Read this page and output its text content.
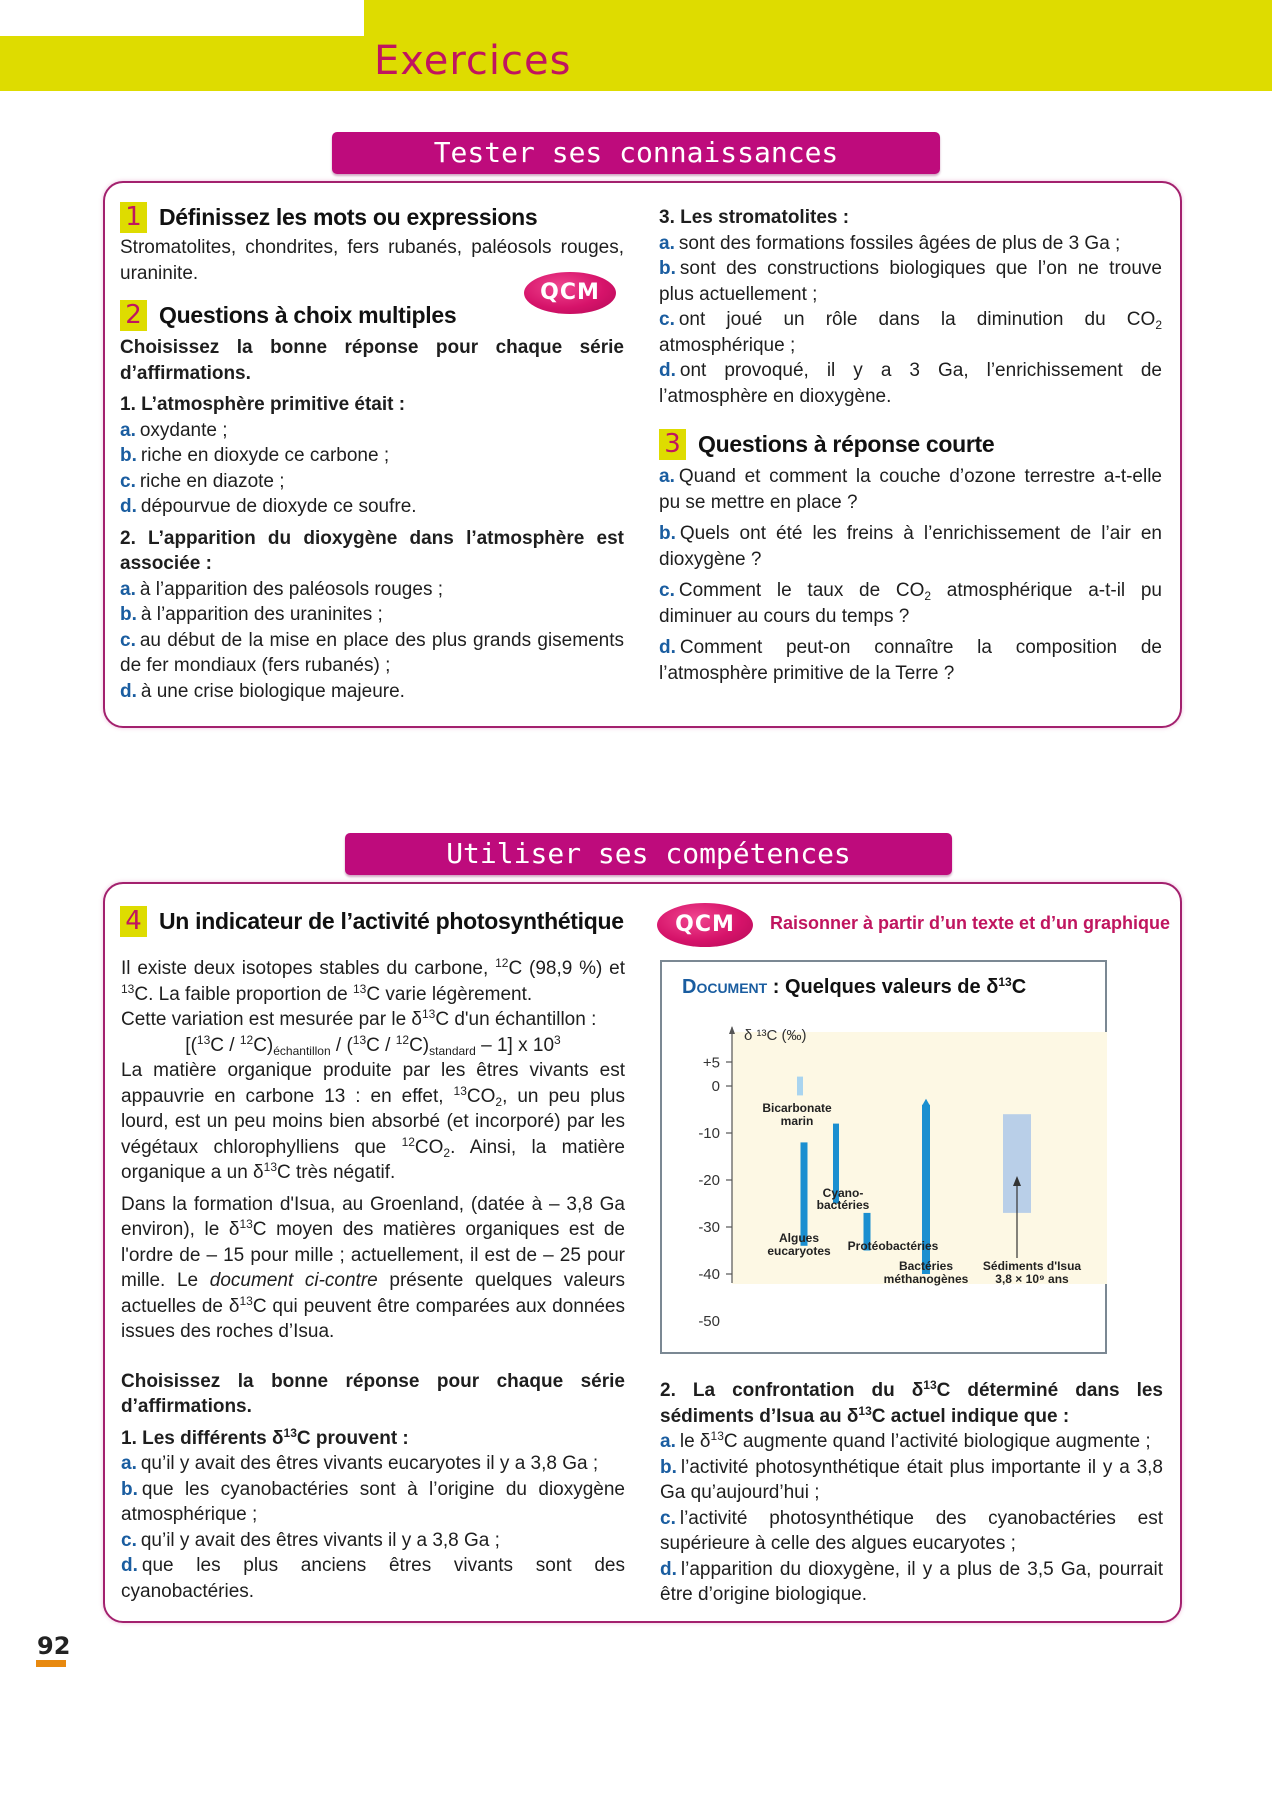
Exercices
Tester ses connaissances
1 Définissez les mots ou expressions

Stromatolites, chondrites, fers rubanés, paléosols rouges, uraninite.

2 Questions à choix multiples

Choisissez la bonne réponse pour chaque série d’affirmations.

1. L’atmosphère primitive était :

a. oxydante ;
b. riche en dioxyde ce carbone ;
c. riche en diazote ;
d. dépourvue de dioxyde ce soufre.

2. L’apparition du dioxygène dans l’atmosphère est associée :

a. à l’apparition des paléosols rouges ;

b. à l’apparition des uraninites ;

c. au début de la mise en place des plus grands gisements de fer mondiaux (fers rubanés) ;

d. à une crise biologique majeure.

QCM

3. Les stromatolites :

a. sont des formations fossiles âgées de plus de 3 Ga ;

b. sont des constructions biologiques que l’on ne trouve plus actuellement ;

c. ont joué un rôle dans la diminution du $CO_2$ atmosphérique ;

d. ont provoqué, il y a 3 Ga, l’enrichissement de l’atmosphère en dioxygène.

3 Questions à réponse courte

a. Quand et comment la couche d’ozone terrestre a-t-elle pu se mettre en place ?

b. Quels ont été les freins à l’enrichissement de l’air en dioxygène ?

c. Comment le taux de $CO_2$ atmosphérique a-t-il pu diminuer au cours du temps ?

d. Comment peut-on connaître la composition de l’atmosphère primitive de la Terre ?

Utiliser ses compétences
4 Un indicateur de l’activité photosynthétique	QCM	Raisonner à partir d’un texte et d’un graphique

Il existe deux isotopes stables du carbone, $^{12}$C (98,9 %) et $^{13}$C. La faible proportion de $^{13}$C varie légèrement.

Cette variation est mesurée par le $\delta^{13}C$ d'un échantillon :

$[(^{13}C / ^{12}C)_{échantillon} / (^{13}C / ^{12}C)_{standard} - 1]$ x $10^3$

La matière organique produite par les êtres vivants est appauvrie en carbone 13 : en effet, $^{13}CO_2$, un peu plus lourd, est un peu moins bien absorbé (et incorporé) par les végétaux chlorophylliens que $^{12}CO_2$. Ainsi, la matière organique a un $\delta^{13}C$ très négatif.

Dans la formation d'Isua, au Groenland, (datée à – 3,8 Ga environ), le $\delta^{13}C$ moyen des matières organiques est de l'ordre de – 15 pour mille ; actuellement, il est de – 25 pour mille. Le document ci-contre présente quelques valeurs actuelles de $\delta^{13}C$ qui peuvent être comparées aux données issues des roches d’Isua.

Choisissez la bonne réponse pour chaque série d’affirmations.

1. Les différents $\delta^{13}C$ prouvent :

a. qu’il y avait des êtres vivants eucaryotes il y a 3,8 Ga ;

b. que les cyanobactéries sont à l’origine du dioxygène atmosphérique ;

c. qu’il y avait des êtres vivants il y a 3,8 Ga ;

d. que les plus anciens êtres vivants sont des cyanobactéries.

+5
0
-10
-20
-30
-40
-50
δ ¹³C (‰)
Bicarbonate
marin
Cyano-
bactéries
Algues
eucaryotes Protéobactéries
Bactéries
méthanogènes
Sédiments d'Isua
3,8 × 10⁹ ans
Document : Quelques valeurs de $\delta^{13}C$

2. La confrontation du $\delta^{13}C$ déterminé dans les sédiments d’Isua au $\delta^{13}C$ actuel indique que :

a. le $\delta^{13}C$ augmente quand l’activité biologique augmente ;

b. l’activité photosynthétique était plus importante il y a 3,8 Ga qu’aujourd’hui ;

c. l’activité photosynthétique des cyanobactéries est supérieure à celle des algues eucaryotes ;

d. l’apparition du dioxygène, il y a plus de 3,5 Ga, pourrait être d’origine biologique.

92
